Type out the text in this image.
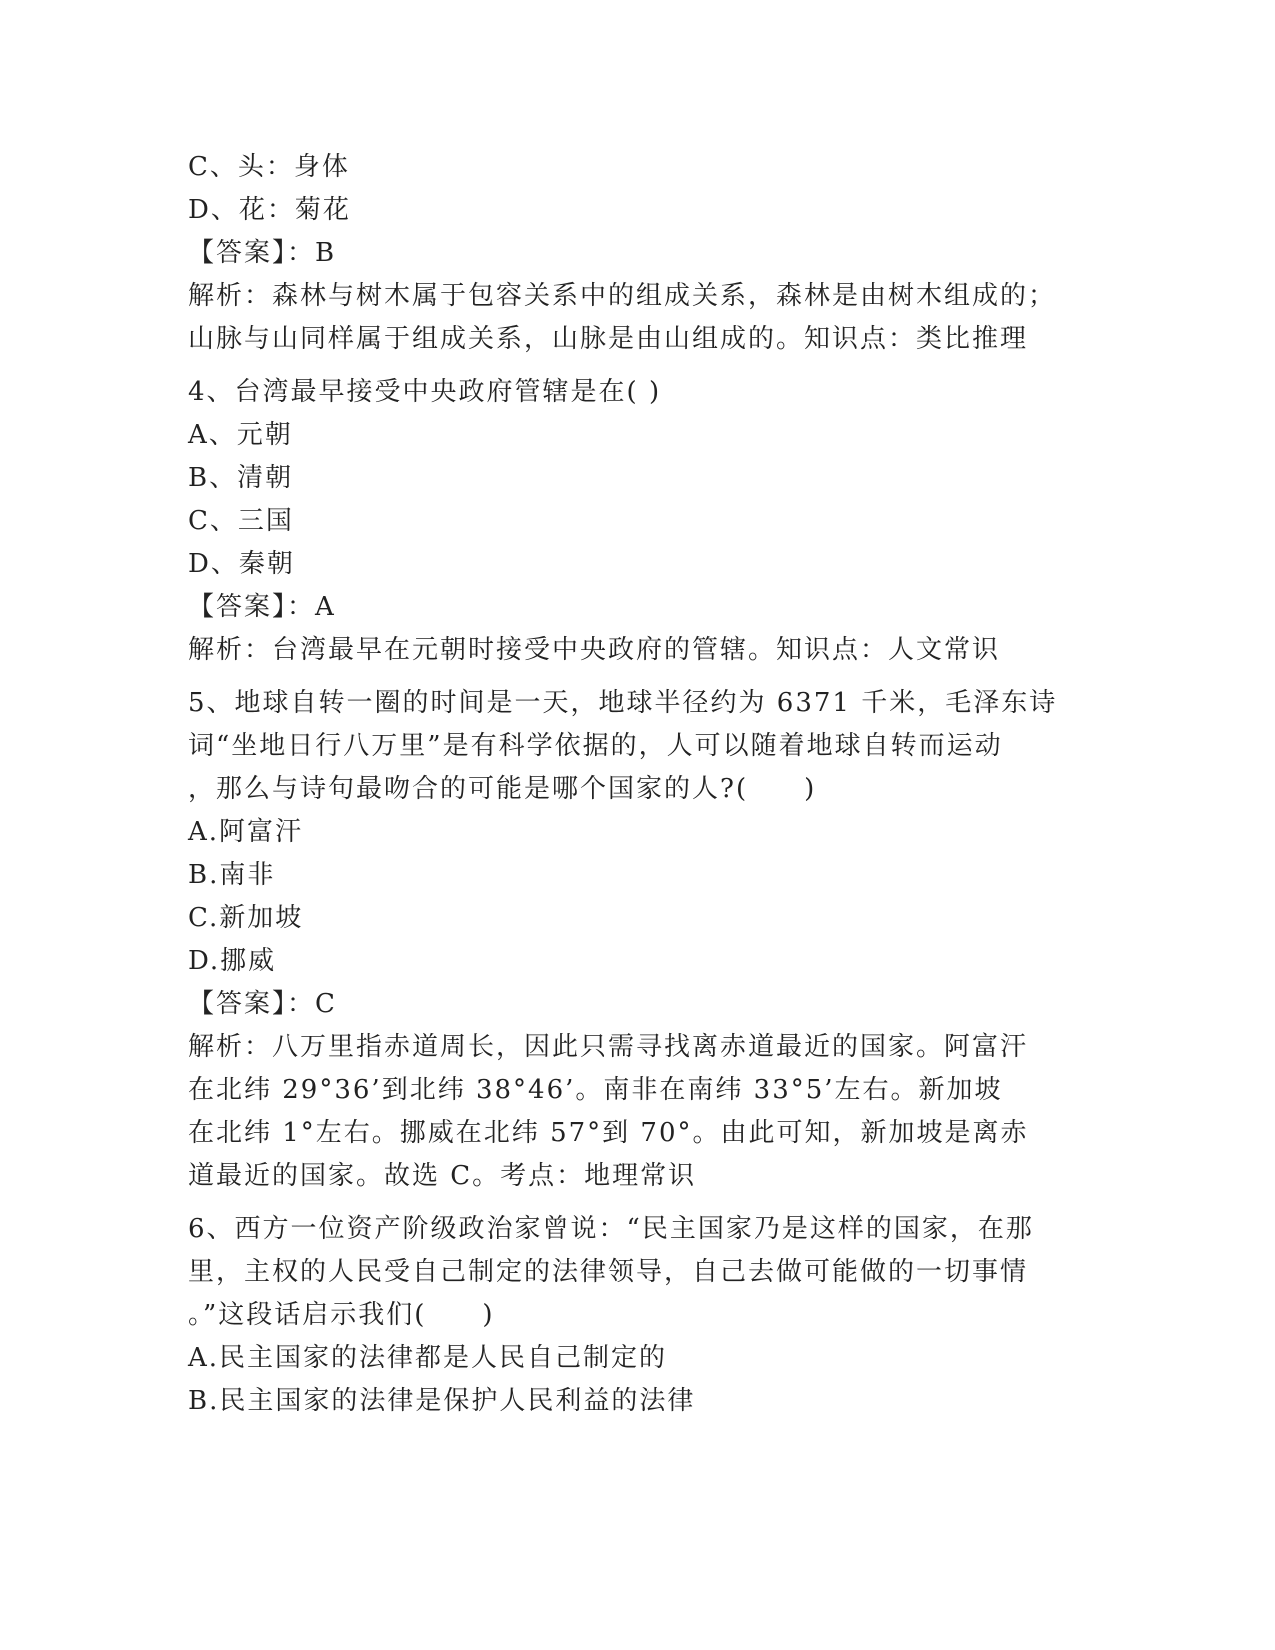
C、头：身体
D、花：菊花
【答案】：B
解析：森林与树木属于包容关系中的组成关系，森林是由树木组成的；
山脉与山同样属于组成关系，山脉是由山组成的。知识点：类比推理
4、台湾最早接受中央政府管辖是在( )
A、元朝
B、清朝
C、三国
D、秦朝
【答案】：A
解析：台湾最早在元朝时接受中央政府的管辖。知识点：人文常识
5、地球自转一圈的时间是一天，地球半径约为 6371 千米，毛泽东诗
词“坐地日行八万里”是有科学依据的，人可以随着地球自转而运动
，那么与诗句最吻合的可能是哪个国家的人?(　　)
A.阿富汗
B.南非
C.新加坡
D.挪威
【答案】：C
解析：八万里指赤道周长，因此只需寻找离赤道最近的国家。阿富汗
在北纬 29°36’到北纬 38°46’。南非在南纬 33°5’左右。新加坡
在北纬 1°左右。挪威在北纬 57°到 70°。由此可知，新加坡是离赤
道最近的国家。故选 C。考点：地理常识
6、西方一位资产阶级政治家曾说：“民主国家乃是这样的国家，在那
里，主权的人民受自己制定的法律领导，自己去做可能做的一切事情
。”这段话启示我们(　　)
A.民主国家的法律都是人民自己制定的
B.民主国家的法律是保护人民利益的法律
